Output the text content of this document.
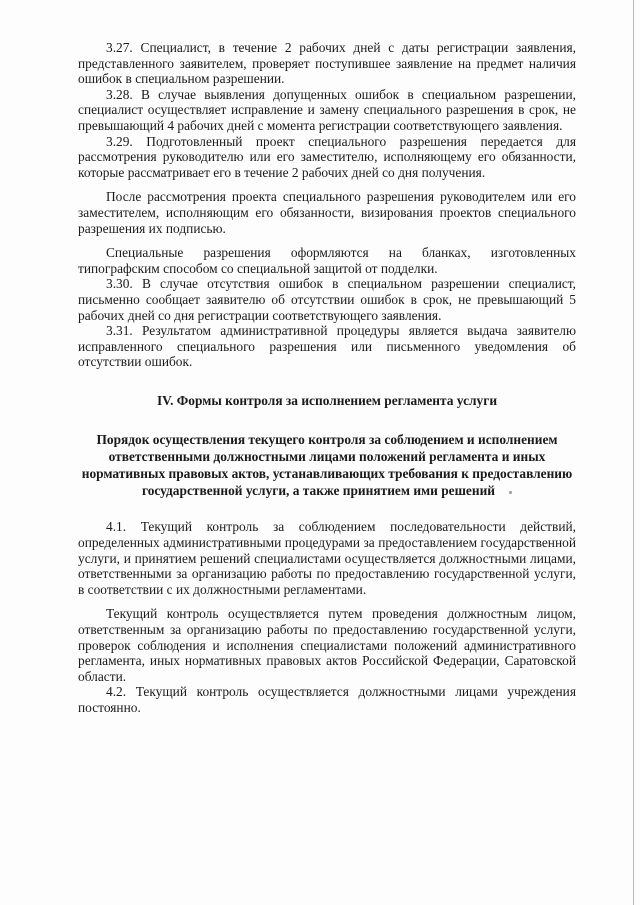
3.27. Специалист, в течение 2 рабочих дней с даты регистрации заявления, представленного заявителем, проверяет поступившее заявление на предмет наличия ошибок в специальном разрешении.

3.28. В случае выявления допущенных ошибок в специальном разрешении, специалист осуществляет исправление и замену специального разрешения в срок, не превышающий 4 рабочих дней с момента регистрации соответствующего заявления.

3.29. Подготовленный проект специального разрешения передается для рассмотрения руководителю или его заместителю, исполняющему его обязанности, которые рассматривает его в течение 2 рабочих дней со дня получения.

После рассмотрения проекта специального разрешения руководителем или его заместителем, исполняющим его обязанности, визирования проектов специального разрешения их подписью.

Специальные разрешения оформляются на бланках, изготовленных типографским способом со специальной защитой от подделки.

3.30. В случае отсутствия ошибок в специальном разрешении специалист, письменно сообщает заявителю об отсутствии ошибок в срок, не превышающий 5 рабочих дней со дня регистрации соответствующего заявления.

3.31. Результатом административной процедуры является выдача заявителю исправленного специального разрешения или письменного уведомления об отсутствии ошибок.

IV. Формы контроля за исполнением регламента услуги

Порядок осуществления текущего контроля за соблюдением и исполнением ответственными должностными лицами положений регламента и иных нормативных правовых актов, устанавливающих требования к предоставлению государственной услуги, а также принятием ими решений

4.1. Текущий контроль за соблюдением последовательности действий, определенных административными процедурами за предоставлением государственной услуги, и принятием решений специалистами осуществляется должностными лицами, ответственными за организацию работы по предоставлению государственной услуги, в соответствии с их должностными регламентами.

Текущий контроль осуществляется путем проведения должностным лицом, ответственным за организацию работы по предоставлению государственной услуги, проверок соблюдения и исполнения специалистами положений административного регламента, иных нормативных правовых актов Российской Федерации, Саратовской области.

4.2. Текущий контроль осуществляется должностными лицами учреждения постоянно.
